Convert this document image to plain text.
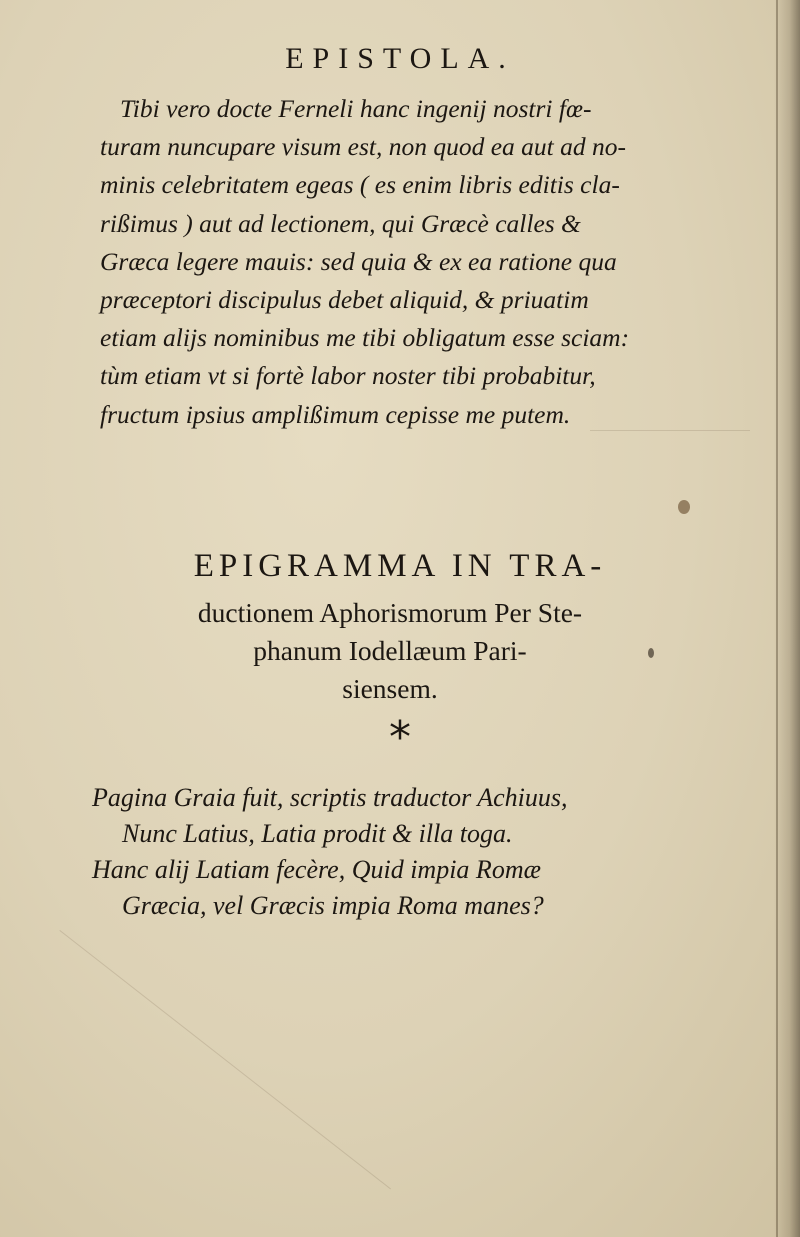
EPISTOLA.
Tibi vero docte Ferneli hanc ingenij nostri fœ-
turam nuncupare visum est, non quod ea aut ad no-
minis celebritatem egeas ( es enim libris editis cla-
rißimus ) aut ad lectionem, qui Græcè calles &
Græca legere mauis: sed quia & ex ea ratione qua
præceptori discipulus debet aliquid, & priuatim
etiam alijs nominibus me tibi obligatum esse sciam:
tùm etiam vt si fortè labor noster tibi probabitur,
fructum ipsius amplißimum cepisse me putem.
EPIGRAMMA IN TRA-
ductionem Aphorismorum Per Ste-
phanum Iodellæum Pari-
siensem.
*
Pagina Graia fuit, scriptis traductor Achiuus,
Nunc Latius, Latia prodit & illa toga.
Hanc alij Latiam fecère, Quid impia Romæ
Græcia, vel Græcis impia Roma manes?
